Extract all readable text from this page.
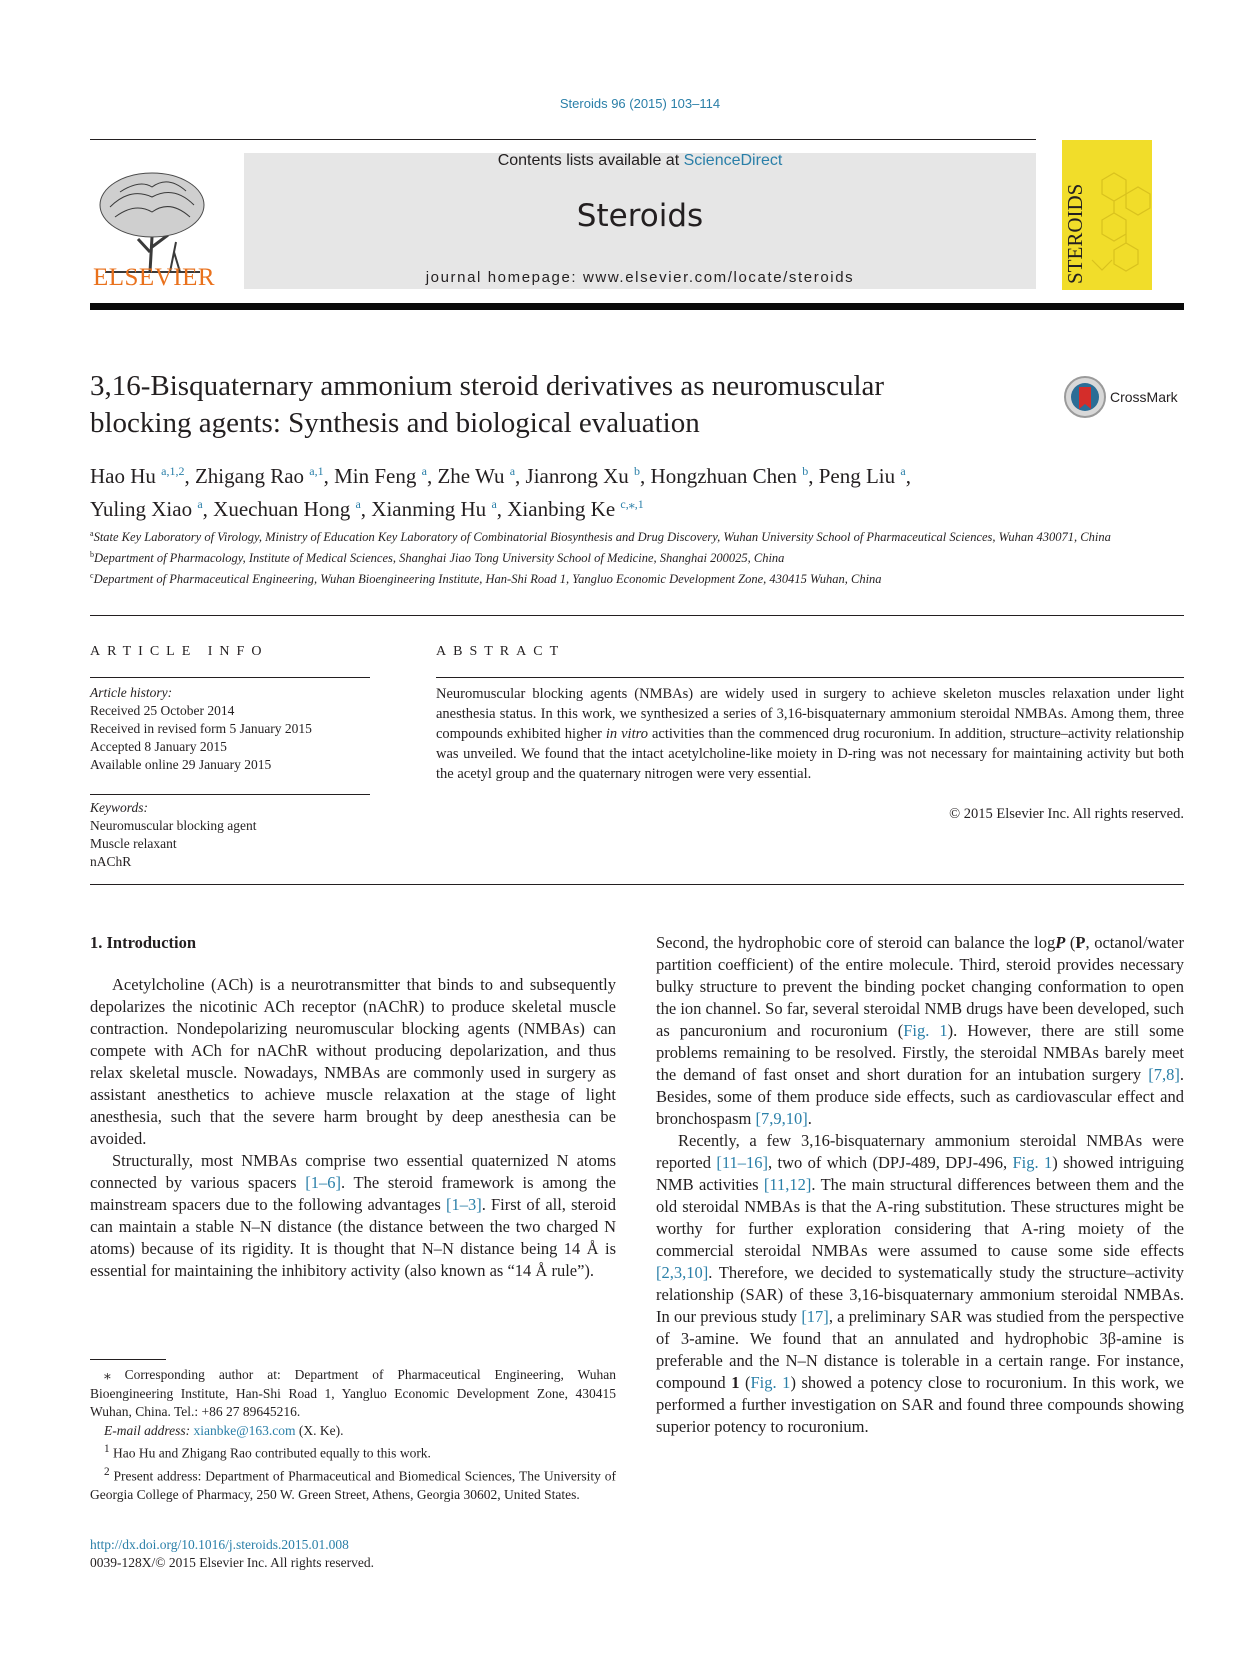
Steroids 96 (2015) 103–114
ELSEVIER
Contents lists available at ScienceDirect
Steroids
journal homepage: www.elsevier.com/locate/steroids	STEROIDS
3,16-Bisquaternary ammonium steroid derivatives as neuromuscular
blocking agents: Synthesis and biological evaluation
CrossMark
Hao Hu $^{a,1,2}$, Zhigang Rao $^{a,1}$, Min Feng $^a$, Zhe Wu $^a$, Jianrong Xu $^b$, Hongzhuan Chen $^b$, Peng Liu $^a$,
Yuling Xiao $^a$, Xuechuan Hong $^a$, Xianming Hu $^a$, Xianbing Ke $^{c,⁎,1}$
$^a$State Key Laboratory of Virology, Ministry of Education Key Laboratory of Combinatorial Biosynthesis and Drug Discovery, Wuhan University School of Pharmaceutical Sciences, Wuhan 430071, China
$^b$Department of Pharmacology, Institute of Medical Sciences, Shanghai Jiao Tong University School of Medicine, Shanghai 200025, China
$^c$Department of Pharmaceutical Engineering, Wuhan Bioengineering Institute, Han-Shi Road 1, Yangluo Economic Development Zone, 430415 Wuhan, China
ARTICLE INFO
Article history:
Received 25 October 2014
Received in revised form 5 January 2015
Accepted 8 January 2015
Available online 29 January 2015
Keywords:
Neuromuscular blocking agent
Muscle relaxant
nAChR
ABSTRACT
Neuromuscular blocking agents (NMBAs) are widely used in surgery to achieve skeleton muscles relaxation under light anesthesia status. In this work, we synthesized a series of 3,16-bisquaternary ammonium steroidal NMBAs. Among them, three compounds exhibited higher in vitro activities than the commenced drug rocuronium. In addition, structure–activity relationship was unveiled. We found that the intact acetylcholine-like moiety in D-ring was not necessary for maintaining activity but both the acetyl group and the quaternary nitrogen were very essential.
© 2015 Elsevier Inc. All rights reserved.
1. Introduction

Acetylcholine (ACh) is a neurotransmitter that binds to and subsequently depolarizes the nicotinic ACh receptor (nAChR) to produce skeletal muscle contraction. Nondepolarizing neuromuscular blocking agents (NMBAs) can compete with ACh for nAChR without producing depolarization, and thus relax skeletal muscle. Nowadays, NMBAs are commonly used in surgery as assistant anesthetics to achieve muscle relaxation at the stage of light anesthesia, such that the severe harm brought by deep anesthesia can be avoided.

Structurally, most NMBAs comprise two essential quaternized N atoms connected by various spacers [1–6]. The steroid framework is among the mainstream spacers due to the following advantages [1–3]. First of all, steroid can maintain a stable N–N distance (the distance between the two charged N atoms) because of its rigidity. It is thought that N–N distance being 14 Å is essential for maintaining the inhibitory activity (also known as “14 Å rule”).

Second, the hydrophobic core of steroid can balance the logP (P, octanol/water partition coefficient) of the entire molecule. Third, steroid provides necessary bulky structure to prevent the binding pocket changing conformation to open the ion channel. So far, several steroidal NMB drugs have been developed, such as pancuronium and rocuronium (Fig. 1). However, there are still some problems remaining to be resolved. Firstly, the steroidal NMBAs barely meet the demand of fast onset and short duration for an intubation surgery [7,8]. Besides, some of them produce side effects, such as cardiovascular effect and bronchospasm [7,9,10].

Recently, a few 3,16-bisquaternary ammonium steroidal NMBAs were reported [11–16], two of which (DPJ-489, DPJ-496, Fig. 1) showed intriguing NMB activities [11,12]. The main structural differences between them and the old steroidal NMBAs is that the A-ring substitution. These structures might be worthy for further exploration considering that A-ring moiety of the commercial steroidal NMBAs were assumed to cause some side effects [2,3,10]. Therefore, we decided to systematically study the structure–activity relationship (SAR) of these 3,16-bisquaternary ammonium steroidal NMBAs. In our previous study [17], a preliminary SAR was studied from the perspective of 3-amine. We found that an annulated and hydrophobic 3β-amine is preferable and the N–N distance is tolerable in a certain range. For instance, compound 1 (Fig. 1) showed a potency close to rocuronium. In this work, we performed a further investigation on SAR and found three compounds showing superior potency to rocuronium.

⁎ Corresponding author at: Department of Pharmaceutical Engineering, Wuhan Bioengineering Institute, Han-Shi Road 1, Yangluo Economic Development Zone, 430415 Wuhan, China. Tel.: +86 27 89645216.

E-mail address: xianbke@163.com (X. Ke).

$^1$ Hao Hu and Zhigang Rao contributed equally to this work.

$^2$ Present address: Department of Pharmaceutical and Biomedical Sciences, The University of Georgia College of Pharmacy, 250 W. Green Street, Athens, Georgia 30602, United States.

http://dx.doi.org/10.1016/j.steroids.2015.01.008
0039-128X/© 2015 Elsevier Inc. All rights reserved.
